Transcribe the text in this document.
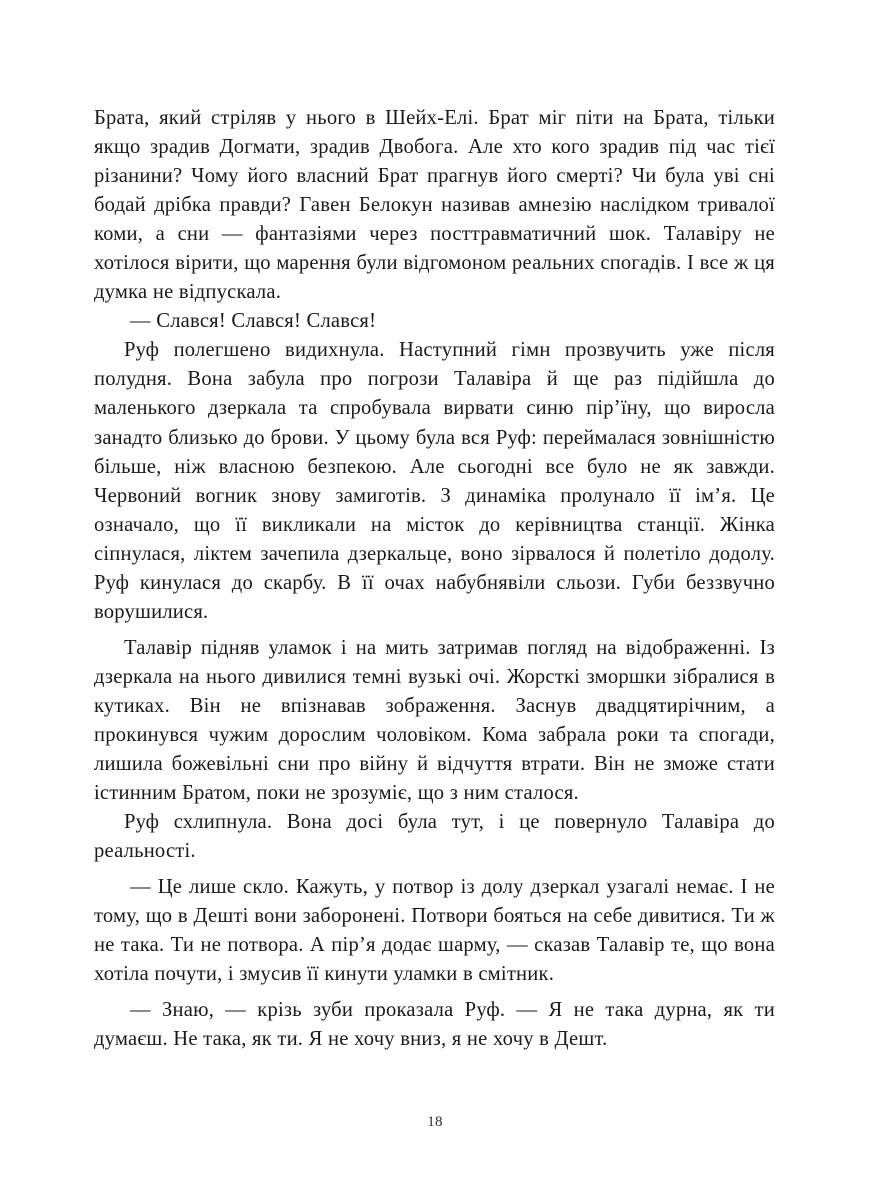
Брата, який стріляв у нього в Шейх-Елі. Брат міг піти на Брата, тільки якщо зрадив Догмати, зрадив Двобога. Але хто кого зрадив під час тієї різанини? Чому його власний Брат прагнув його смерті? Чи була увi снi бодай дрібка правди? Гавен Белокун називав амнезію наслідком тривалої коми, а сни — фантазіями через посттравматичний шок. Талавіру не хотілося вірити, що марення були відгомоном реальних спогадів. І все ж ця думка не відпускала.

— Слався! Слався! Слався!

Руф полегшено видихнула. Наступний гімн прозвучить уже після полудня. Вона забула про погрози Талавіра й ще раз підійшла до маленького дзеркала та спробувала вирвати синю пір’їну, що виросла занадто близько до брови. У цьому була вся Руф: переймалася зовнішністю більше, ніж власною безпекою. Але сьогодні все було не як завжди. Червоний вогник знову замиготів. З динаміка пролунало її ім’я. Це означало, що її викликали на місток до керівництва станції. Жінка сіпнулася, ліктем зачепила дзеркальце, воно зірвалося й полетіло додолу. Руф кинулася до скарбу. В її очах набубнявіли сльози. Губи беззвучно ворушилися.

Талавір підняв уламок і на мить затримав погляд на відображенні. Із дзеркала на нього дивилися темні вузькі очі. Жорсткі зморшки зібралися в кутиках. Він не впізнавав зображення. Заснув двадцятирічним, а прокинувся чужим дорослим чоловіком. Кома забрала роки та спогади, лишила божевільні сни про війну й відчуття втрати. Він не зможе стати істинним Братом, поки не зрозуміє, що з ним сталося.

Руф схлипнула. Вона досі була тут, і це повернуло Талавіра до реальності.

— Це лише скло. Кажуть, у потвор із долу дзеркал узагалі немає. І не тому, що в Дешті вони заборонені. Потвори бояться на себе дивитися. Ти ж не така. Ти не потвора. А пір’я додає шарму, — сказав Талавір те, що вона хотіла почути, і змусив її кинути уламки в смітник.

— Знаю, — крізь зуби проказала Руф. — Я не така дурна, як ти думаєш. Не така, як ти. Я не хочу вниз, я не хочу в Дешт.

18
